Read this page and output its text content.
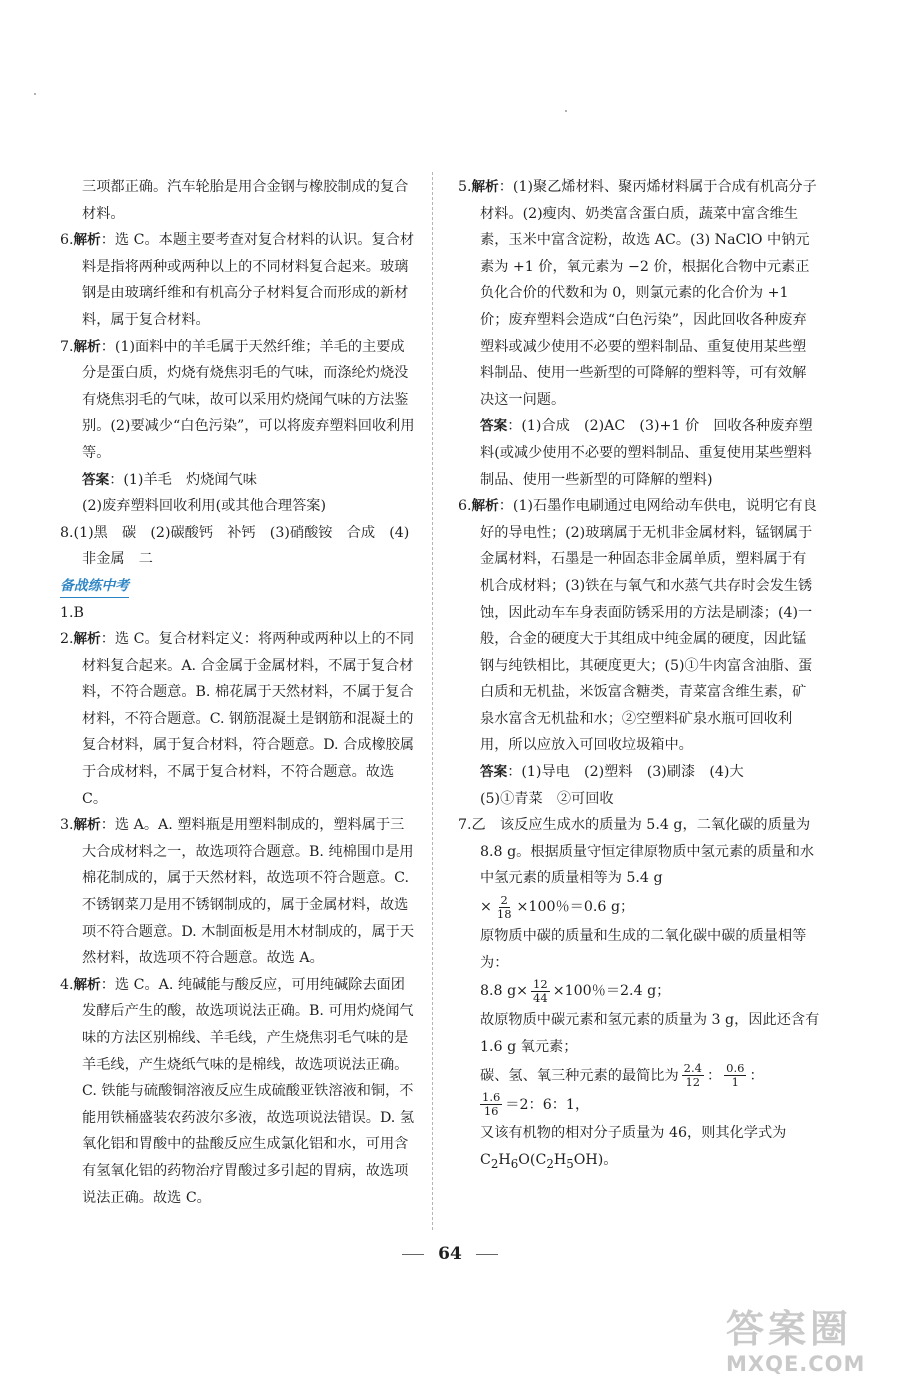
三项都正确。汽车轮胎是用合金钢与橡胶制成的复合材料。

6.解析：选 C。本题主要考查对复合材料的认识。复合材料是指将两种或两种以上的不同材料复合起来。玻璃钢是由玻璃纤维和有机高分子材料复合而形成的新材料，属于复合材料。

7.解析：(1)面料中的羊毛属于天然纤维；羊毛的主要成分是蛋白质，灼烧有烧焦羽毛的气味，而涤纶灼烧没有烧焦羽毛的气味，故可以采用灼烧闻气味的方法鉴别。(2)要减少“白色污染”，可以将废弃塑料回收利用等。

答案：(1)羊毛　灼烧闻气味

(2)废弃塑料回收利用(或其他合理答案)

8.(1)黑　碳　(2)碳酸钙　补钙　(3)硝酸铵　合成　(4)非金属　二

备战练中考

1.B

2.解析：选 C。复合材料定义：将两种或两种以上的不同材料复合起来。A. 合金属于金属材料，不属于复合材料，不符合题意。B. 棉花属于天然材料，不属于复合材料，不符合题意。C. 钢筋混凝土是钢筋和混凝土的复合材料，属于复合材料，符合题意。D. 合成橡胶属于合成材料，不属于复合材料，不符合题意。故选 C。

3.解析：选 A。A. 塑料瓶是用塑料制成的，塑料属于三大合成材料之一，故选项符合题意。B. 纯棉围巾是用棉花制成的，属于天然材料，故选项不符合题意。C. 不锈钢菜刀是用不锈钢制成的，属于金属材料，故选项不符合题意。D. 木制面板是用木材制成的，属于天然材料，故选项不符合题意。故选 A。

4.解析：选 C。A. 纯碱能与酸反应，可用纯碱除去面团发酵后产生的酸，故选项说法正确。B. 可用灼烧闻气味的方法区别棉线、羊毛线，产生烧焦羽毛气味的是羊毛线，产生烧纸气味的是棉线，故选项说法正确。C. 铁能与硫酸铜溶液反应生成硫酸亚铁溶液和铜，不能用铁桶盛装农药波尔多液，故选项说法错误。D. 氢氧化铝和胃酸中的盐酸反应生成氯化铝和水，可用含有氢氧化铝的药物治疗胃酸过多引起的胃病，故选项说法正确。故选 C。

5.解析：(1)聚乙烯材料、聚丙烯材料属于合成有机高分子材料。(2)瘦肉、奶类富含蛋白质，蔬菜中富含维生素，玉米中富含淀粉，故选 AC。(3) NaClO 中钠元素为 +1 价，氧元素为 −2 价，根据化合物中元素正负化合价的代数和为 0，则氯元素的化合价为 +1 价；废弃塑料会造成“白色污染”，因此回收各种废弃塑料或减少使用不必要的塑料制品、重复使用某些塑料制品、使用一些新型的可降解的塑料等，可有效解决这一问题。

答案：(1)合成　(2)AC　(3)+1 价　回收各种废弃塑料(或减少使用不必要的塑料制品、重复使用某些塑料制品、使用一些新型的可降解的塑料)

6.解析：(1)石墨作电刷通过电网给动车供电，说明它有良好的导电性；(2)玻璃属于无机非金属材料，锰钢属于金属材料，石墨是一种固态非金属单质，塑料属于有机合成材料；(3)铁在与氧气和水蒸气共存时会发生锈蚀，因此动车车身表面防锈采用的方法是刷漆；(4)一般，合金的硬度大于其组成中纯金属的硬度，因此锰钢与纯铁相比，其硬度更大；(5)①牛肉富含油脂、蛋白质和无机盐，米饭富含糖类，青菜富含维生素，矿泉水富含无机盐和水；②空塑料矿泉水瓶可回收利用，所以应放入可回收垃圾箱中。

答案：(1)导电　(2)塑料　(3)刷漆　(4)大

(5)①青菜　②可回收

7.乙　该反应生成水的质量为 5.4 g，二氧化碳的质量为 8.8 g。根据质量守恒定律原物质中氢元素的质量和水中氢元素的质量相等为 5.4 g

× $\frac{2}{18} \times 100$％＝0.6 g；

原物质中碳的质量和生成的二氧化碳中碳的质量相等为：

8.8 $g\times \frac{12}{44} \times 100$％＝2.4 g；

故原物质中碳元素和氢元素的质量为 3 g，因此还含有 1.6 g 氧元素；

碳、氢、氧三种元素的最简比为 $\frac{2.4}{12}$ ： $\frac{0.6}{1}$ ：
$\frac{1.6}{16} =2$：6：1，

又该有机物的相对分子质量为 46，则其化学式为 $C_2H_6O(C_2H_5OH)$。

64
答案圈
MXQE.COM
